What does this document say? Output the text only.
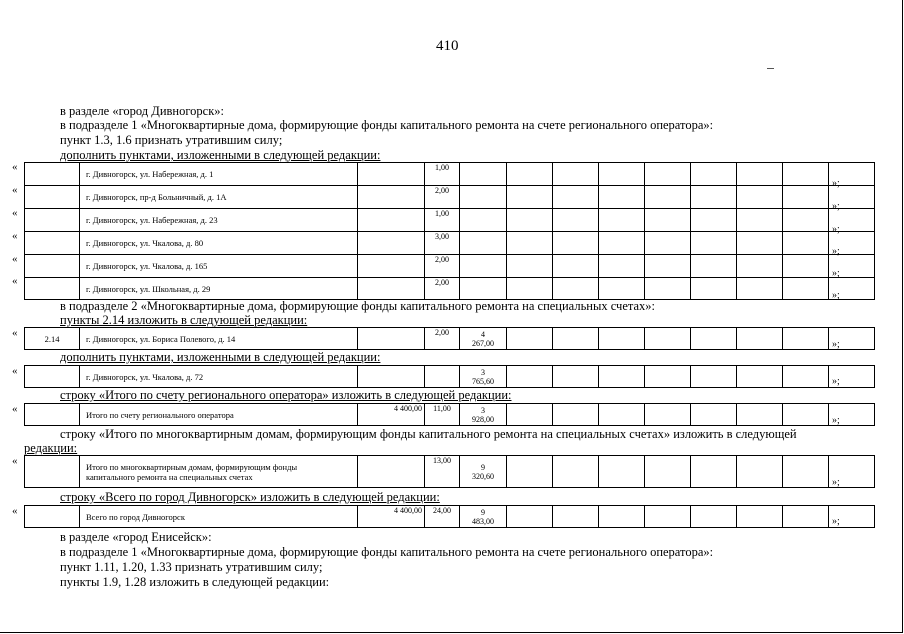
410
в разделе «город Дивногорск»:
в подразделе 1 «Многоквартирные дома, формирующие фонды капитального ремонта на счете регионального оператора»:
пункт 1.3, 1.6 признать утратившим силу;
дополнить пунктами, изложенными в следующей редакции:
«
«
«
«
«
«
	г. Дивногорск, ул. Набережная, д. 1		1,00	

	г. Дивногорск, пр-д Больничный, д. 1А		2,00	

	г. Дивногорск, ул. Набережная, д. 23		1,00	

	г. Дивногорск, ул. Чкалова, д. 80		3,00	

	г. Дивногорск, ул. Чкалова, д. 165		2,00	

	г. Дивногорск, ул. Школьная, д. 29		2,00	

»;
»;
»;
»;
»;
»;
в подразделе 2 «Многоквартирные дома, формирующие фонды капитального ремонта на специальных счетах»:
пункты 2.14 изложить в следующей редакции:
«	2.14	г. Дивногорск, ул. Бориса Полевого, д. 14		2,00	4
267,00
									»;
дополнить пунктами, изложенными в следующей редакции:
«
		г. Дивногорск, ул. Чкалова, д. 72			3
765,60
									»;
строку «Итого по счету регионального оператора» изложить в следующей редакции:
«
		Итого по счету регионального оператора	4 400,00	11,00	3
928,00
									»;
строку «Итого по многоквартирным домам, формирующим фонды капитального ремонта на специальных счетах» изложить в следующей
редакции:
«
		Итого по многоквартирным домам, формирующим фонды
капитального ремонта на специальных счетах
		13,00	
9
320,60

»;
строку «Всего по город Дивногорск» изложить в следующей редакции:
«
		Всего по город Дивногорск	4 400,00	24,00	9
483,00
									»;
в разделе «город Енисейск»:
в подразделе 1 «Многоквартирные дома, формирующие фонды капитального ремонта на счете регионального оператора»:
пункт 1.11, 1.20, 1.33 признать утратившим силу;
пункты 1.9, 1.28 изложить в следующей редакции:
